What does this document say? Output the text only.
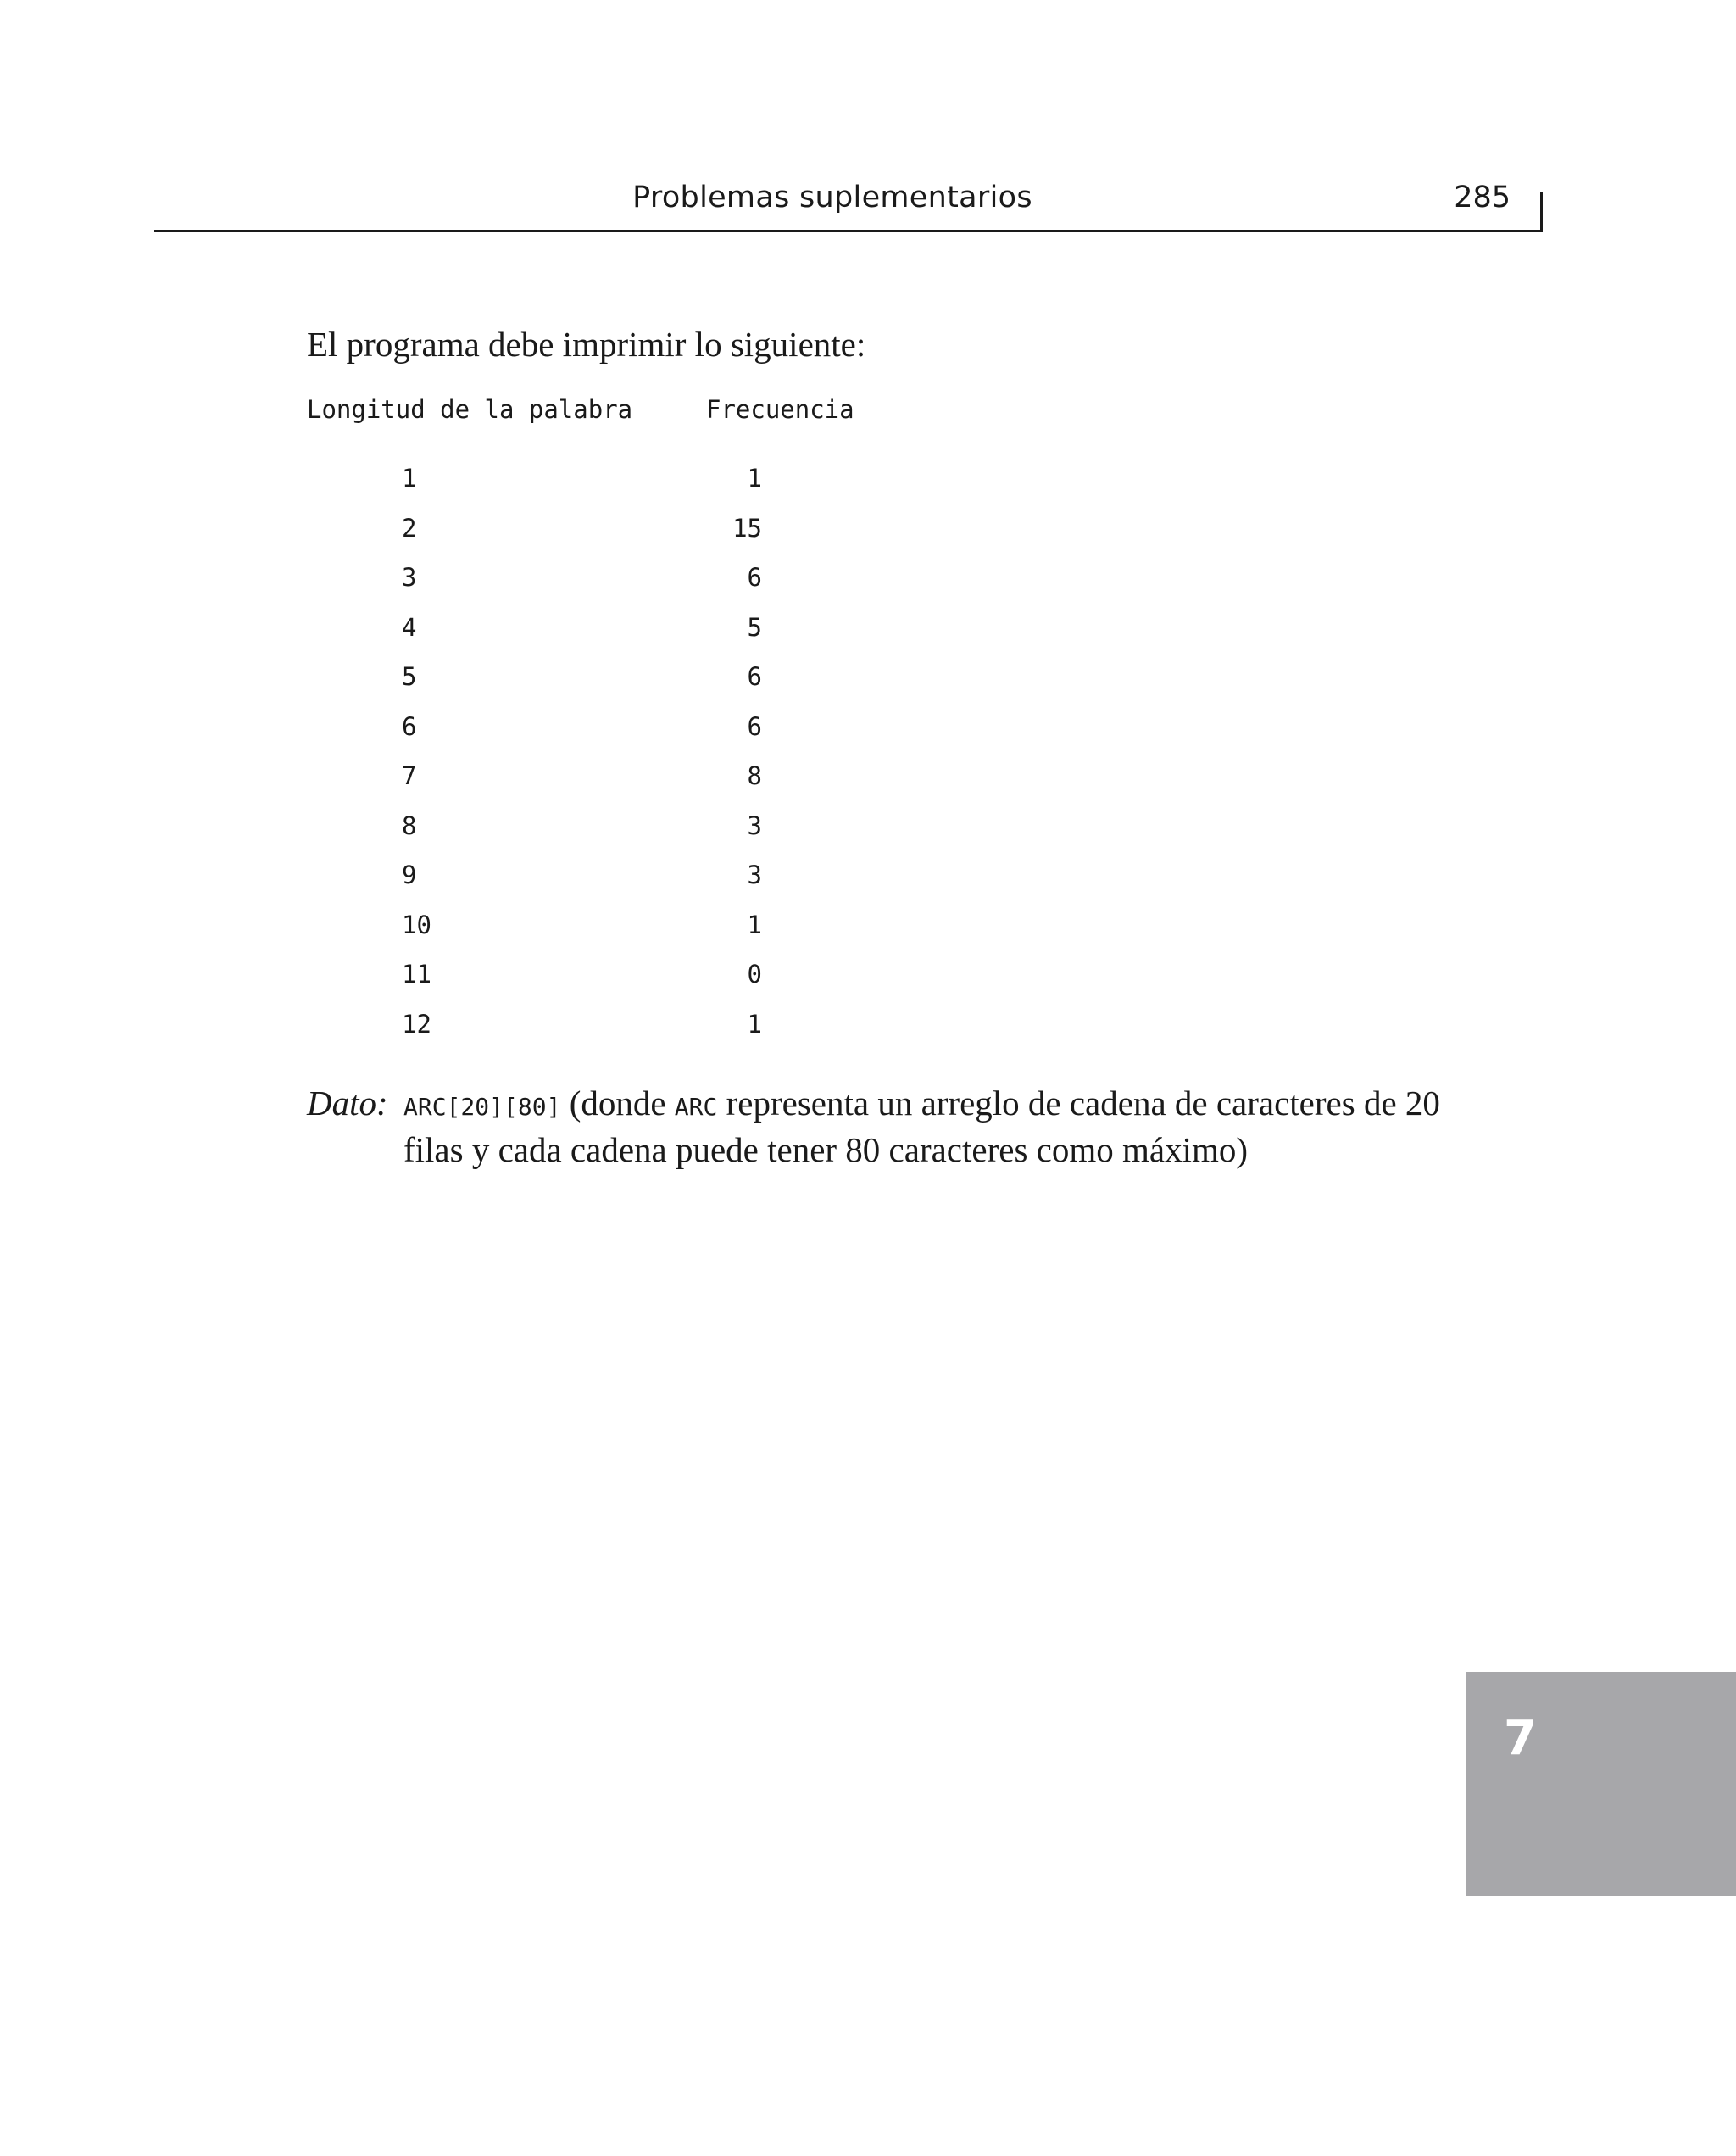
Problemas suplementarios	285
El programa debe imprimir lo siguiente:
Longitud de la palabra	Frecuencia
1	1
2	15
3	6
4	5
5	6
6	6
7	8
8	3
9	3
10	1
11	0
12	1
Dato: ARC[20][80] (donde ARC representa un arreglo de cadena de caracteres de 20 filas y cada cadena puede tener 80 caracteres como máximo)
7
